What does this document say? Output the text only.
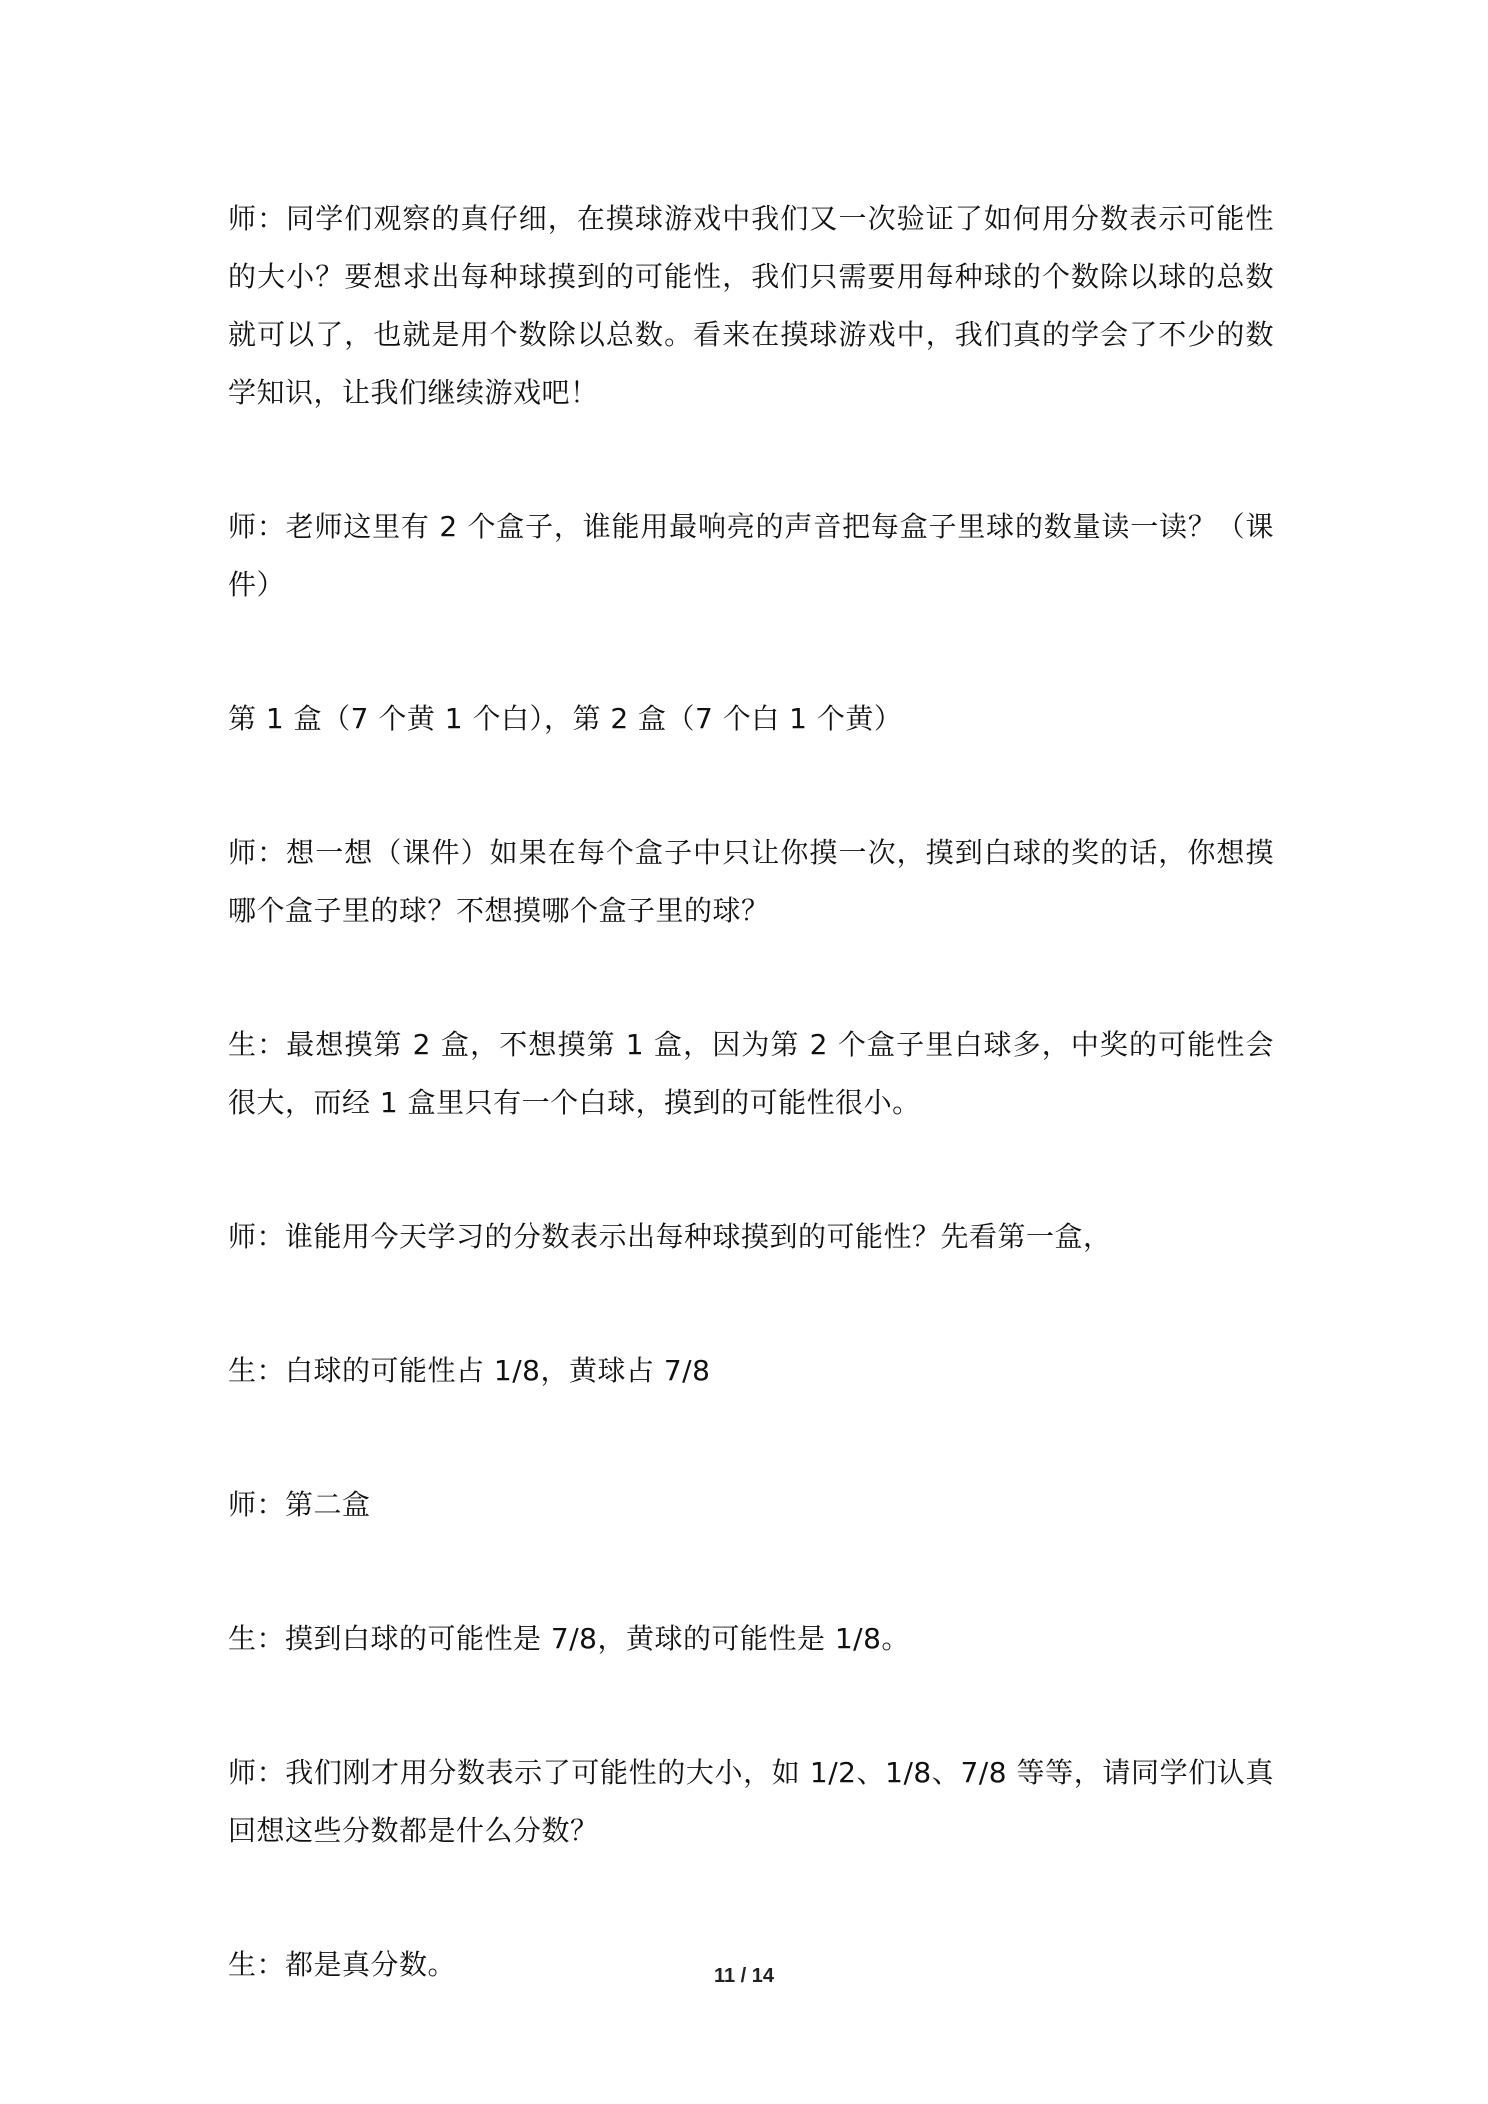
师：同学们观察的真仔细，在摸球游戏中我们又一次验证了如何用分数表示可能性的大小？要想求出每种球摸到的可能性，我们只需要用每种球的个数除以球的总数就可以了，也就是用个数除以总数。看来在摸球游戏中，我们真的学会了不少的数学知识，让我们继续游戏吧！

师：老师这里有 2 个盒子，谁能用最响亮的声音把每盒子里球的数量读一读？（课件）

第 1 盒（7 个黄 1 个白），第 2 盒（7 个白 1 个黄）

师：想一想（课件）如果在每个盒子中只让你摸一次，摸到白球的奖的话，你想摸哪个盒子里的球？不想摸哪个盒子里的球？

生：最想摸第 2 盒，不想摸第 1 盒，因为第 2 个盒子里白球多，中奖的可能性会很大，而经 1 盒里只有一个白球，摸到的可能性很小。

师：谁能用今天学习的分数表示出每种球摸到的可能性？先看第一盒，

生：白球的可能性占 1/8，黄球占 7/8

师：第二盒

生：摸到白球的可能性是 7/8，黄球的可能性是 1/8。

师：我们刚才用分数表示了可能性的大小，如 1/2、1/8、7/8 等等，请同学们认真回想这些分数都是什么分数？

生：都是真分数。	11 / 14
